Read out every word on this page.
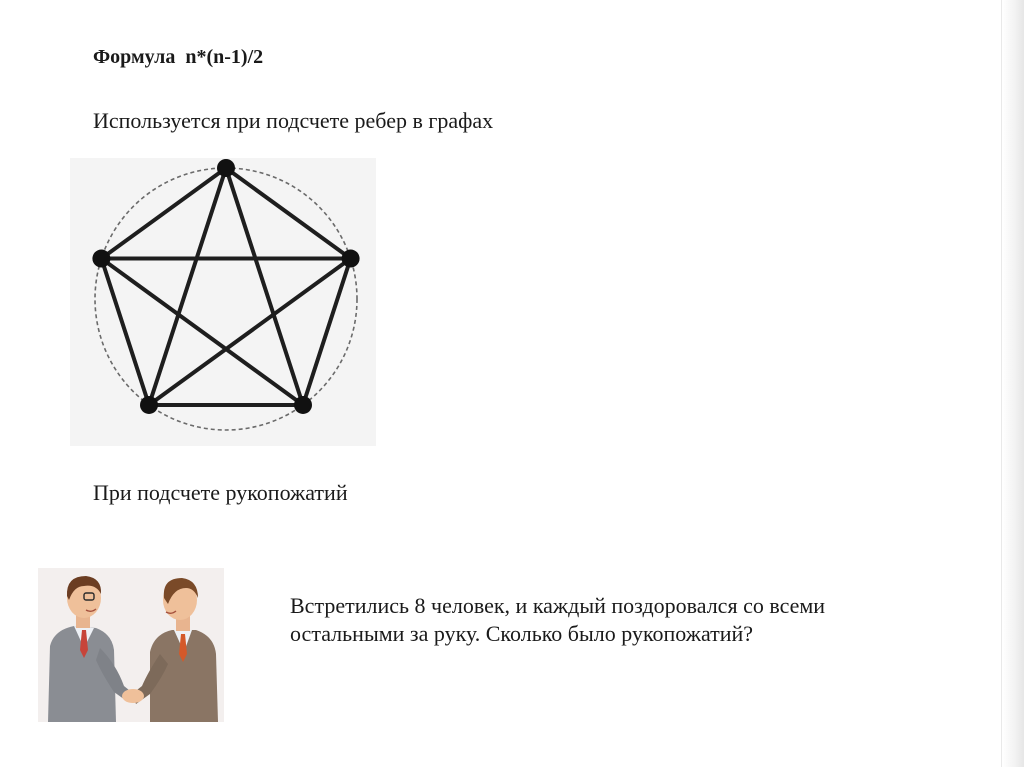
Формула  n*(n-1)/2
Используется при подсчете ребер в графах
При подсчете рукопожатий
Встретились 8 человек, и каждый поздоровался со всеми
остальными за руку. Сколько было рукопожатий?
